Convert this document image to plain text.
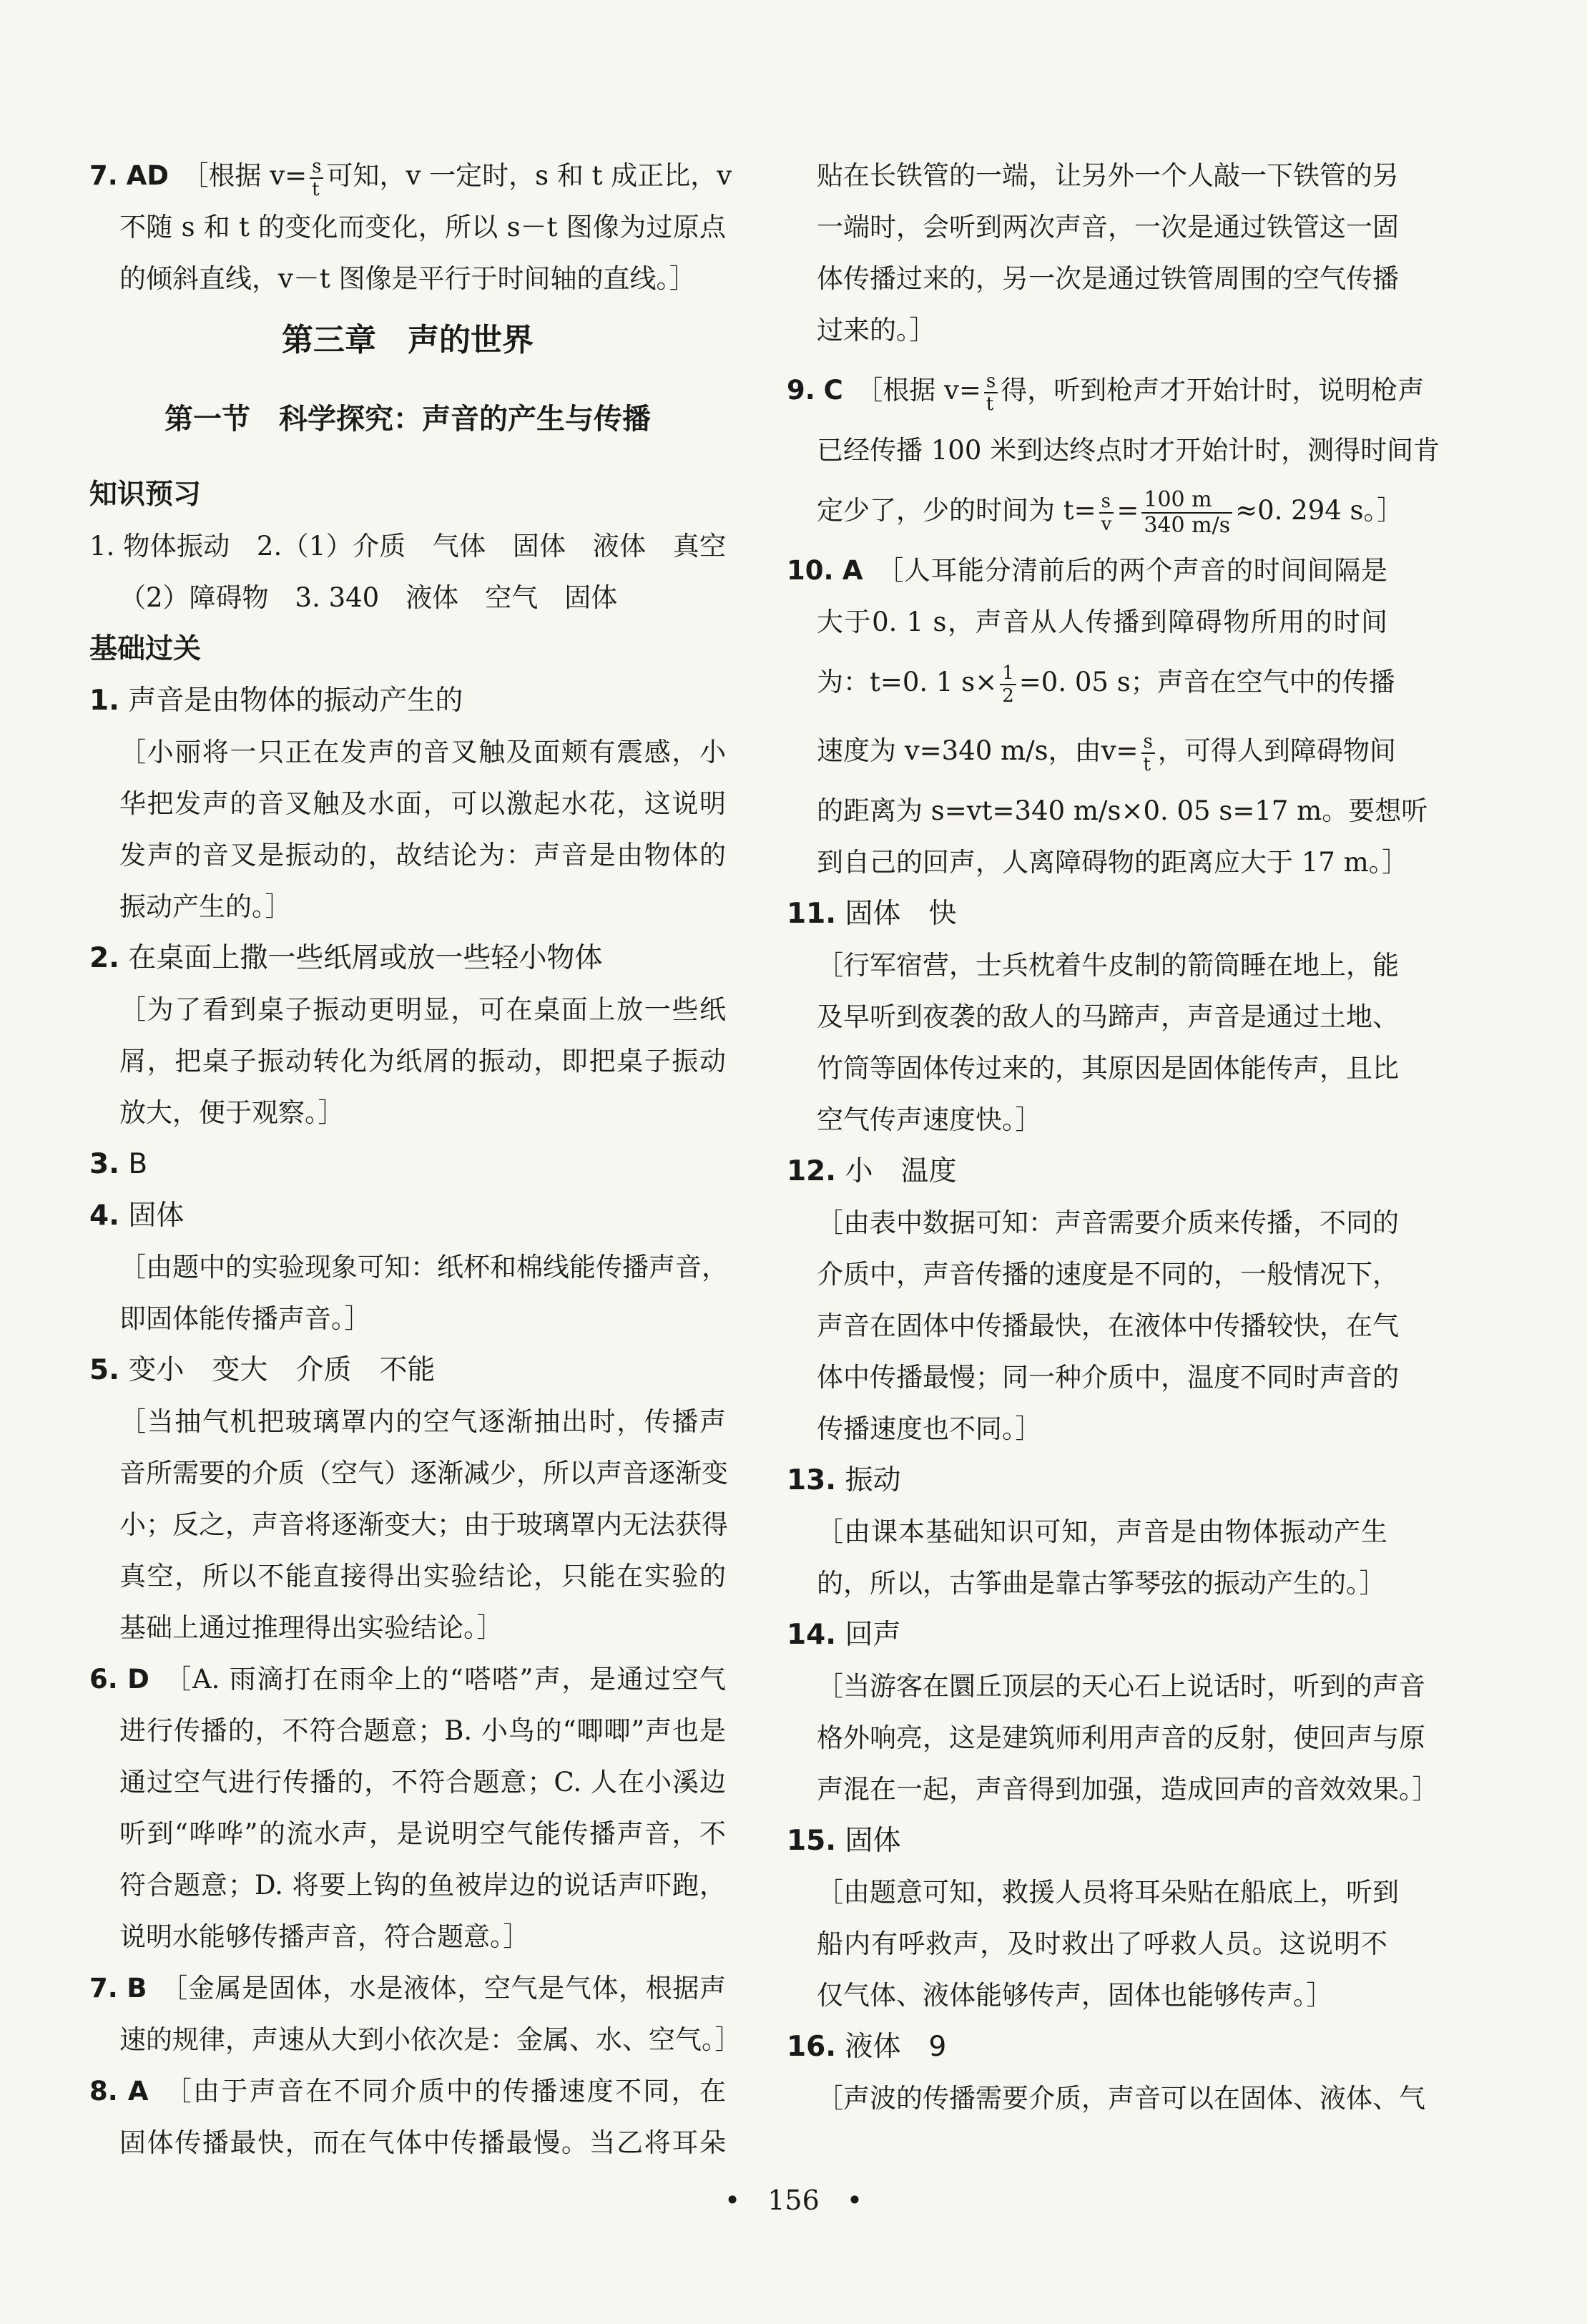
7. AD　 ［根据 $v= \frac{s}{t}$ 可知，v 一定时，s 和 t 成正比，v
不随 s 和 t 的变化而变化，所以 s－t 图像为过原点
的倾斜直线，v－t 图像是平行于时间轴的直线。］
第三章　声的世界
第一节　科学探究：声音的产生与传播
知识预习
1. 物体振动　2.（1）介质　气体　固体　液体　真空
（2）障碍物　3. 340　液体　空气　固体
基础过关
1. 声音是由物体的振动产生的
［小丽将一只正在发声的音叉触及面颊有震感，小
华把发声的音叉触及水面，可以激起水花，这说明
发声的音叉是振动的，故结论为：声音是由物体的
振动产生的。］
2. 在桌面上撒一些纸屑或放一些轻小物体
［为了看到桌子振动更明显，可在桌面上放一些纸
屑，把桌子振动转化为纸屑的振动，即把桌子振动
放大，便于观察。］
3. B
4. 固体
［由题中的实验现象可知：纸杯和棉线能传播声音，
即固体能传播声音。］
5. 变小　变大　介质　不能
［当抽气机把玻璃罩内的空气逐渐抽出时，传播声
音所需要的介质（空气）逐渐减少，所以声音逐渐变
小；反之，声音将逐渐变大；由于玻璃罩内无法获得
真空，所以不能直接得出实验结论，只能在实验的
基础上通过推理得出实验结论。］
6. D　 ［A. 雨滴打在雨伞上的“嗒嗒”声，是通过空气
进行传播的，不符合题意；B. 小鸟的“唧唧”声也是
通过空气进行传播的，不符合题意；C. 人在小溪边
听到“哗哗”的流水声，是说明空气能传播声音，不
符合题意；D. 将要上钩的鱼被岸边的说话声吓跑，
说明水能够传播声音，符合题意。］
7. B　 ［金属是固体，水是液体，空气是气体，根据声
速的规律，声速从大到小依次是：金属、水、空气。］
8. A　 ［由于声音在不同介质中的传播速度不同，在
固体传播最快，而在气体中传播最慢。当乙将耳朵
贴在长铁管的一端，让另外一个人敲一下铁管的另
一端时，会听到两次声音，一次是通过铁管这一固
体传播过来的，另一次是通过铁管周围的空气传播
过来的。］
9. C　 ［根据 $v= \frac{s}{t}$ 得，听到枪声才开始计时，说明枪声
已经传播 100 米到达终点时才开始计时，测得时间肯
定少了，少的时间为 $t= \frac{s}{v} = \frac{100 m}{340 m/s} \approx 0$. 294 s。］
10. A　 ［人耳能分清前后的两个声音的时间间隔是
大于0. 1 s，声音从人传播到障碍物所用的时间
为：t=0. 1 $s\times \frac{1}{2} =0$. 05 s；声音在空气中的传播
速度为 v=340 m/s，由$v= \frac{s}{t}$ ，可得人到障碍物间
的距离为 s=vt=340 m/s×0. 05 s=17 m。要想听
到自己的回声，人离障碍物的距离应大于 17 m。］
11. 固体　快
［行军宿营，士兵枕着牛皮制的箭筒睡在地上，能
及早听到夜袭的敌人的马蹄声，声音是通过土地、
竹筒等固体传过来的，其原因是固体能传声，且比
空气传声速度快。］
12. 小　温度
［由表中数据可知：声音需要介质来传播，不同的
介质中，声音传播的速度是不同的，一般情况下，
声音在固体中传播最快，在液体中传播较快，在气
体中传播最慢；同一种介质中，温度不同时声音的
传播速度也不同。］
13. 振动
［由课本基础知识可知，声音是由物体振动产生
的，所以，古筝曲是靠古筝琴弦的振动产生的。］
14. 回声
［当游客在圜丘顶层的天心石上说话时，听到的声音
格外响亮，这是建筑师利用声音的反射，使回声与原
声混在一起，声音得到加强，造成回声的音效效果。］
15. 固体
［由题意可知，救援人员将耳朵贴在船底上，听到
船内有呼救声，及时救出了呼救人员。这说明不
仅气体、液体能够传声，固体也能够传声。］
16. 液体　9
［声波的传播需要介质，声音可以在固体、液体、气
•　156　•
